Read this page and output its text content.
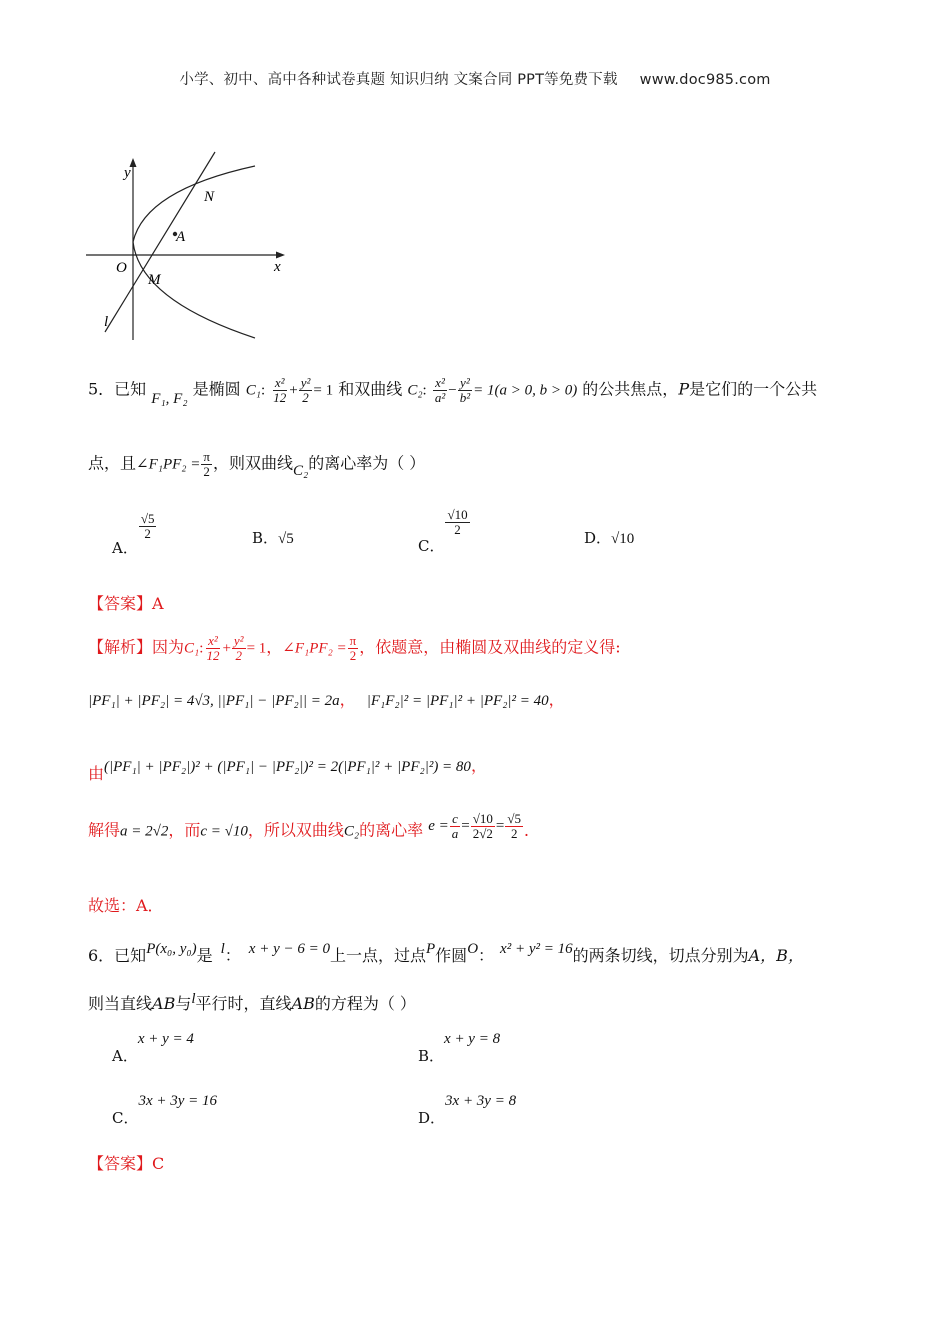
小学、初中、高中各种试卷真题 知识归纳 文案合同 PPT等免费下载 www.doc985.com
y
x
O
N
A
M
l
5．已知 F₁, F₂ 是椭圆 C₁: $\frac{\text{x²}}{12} + \frac{\text{y²}}{2} = 1$ 和双曲线 C₂: $\frac{\text{x²}}{\text{a²}} - \frac{\text{y²}}{\text{b²}} = 1(a > 0$, b > 0) 的公共焦点，P是它们的一个公共
点，且∠F₁PF₂ = $\frac{\pi}{2}$ ，则双曲线C₂的离心率为（ ）
A．
$\frac{√5}{2}$	B．√5	C．
$\frac{√10}{2}$
D．√10
【答案】A
【解析】因为C₁: $\frac{\text{x²}}{12} + \frac{\text{y²}}{2} = 1$，∠F₁PF₂ = $\frac{\pi}{2}$ ，依题意，由椭圆及双曲线的定义得:
|PF₁| + |PF₂| = 4√3, ||PF₁| − |PF₂|| = 2a， |F₁F₂|² = |PF₁|² + |PF₂|² = 40，
由(|PF₁| + |PF₂|)² + (|PF₁| − |PF₂|)² = 2(|PF₁|² + |PF₂|²) = 80，
解得a = 2√2，而c = √10，所以双曲线C₂的离心率 $e = \frac{c}{a} = \frac{√10}{2√2} = \frac{√5}{2}$ ．
故选：A．
6．已知P(x₀, y₀)是 l： x + y − 6 = 0上一点，过点P作圆O： x² + y² = 16的两条切线，切点分别为A，B，
则当直线AB与l平行时，直线AB的方程为（ ）
A．x + y = 4
B．x + y = 8
C．3x + 3y = 16
D．3x + 3y = 8
【答案】C
